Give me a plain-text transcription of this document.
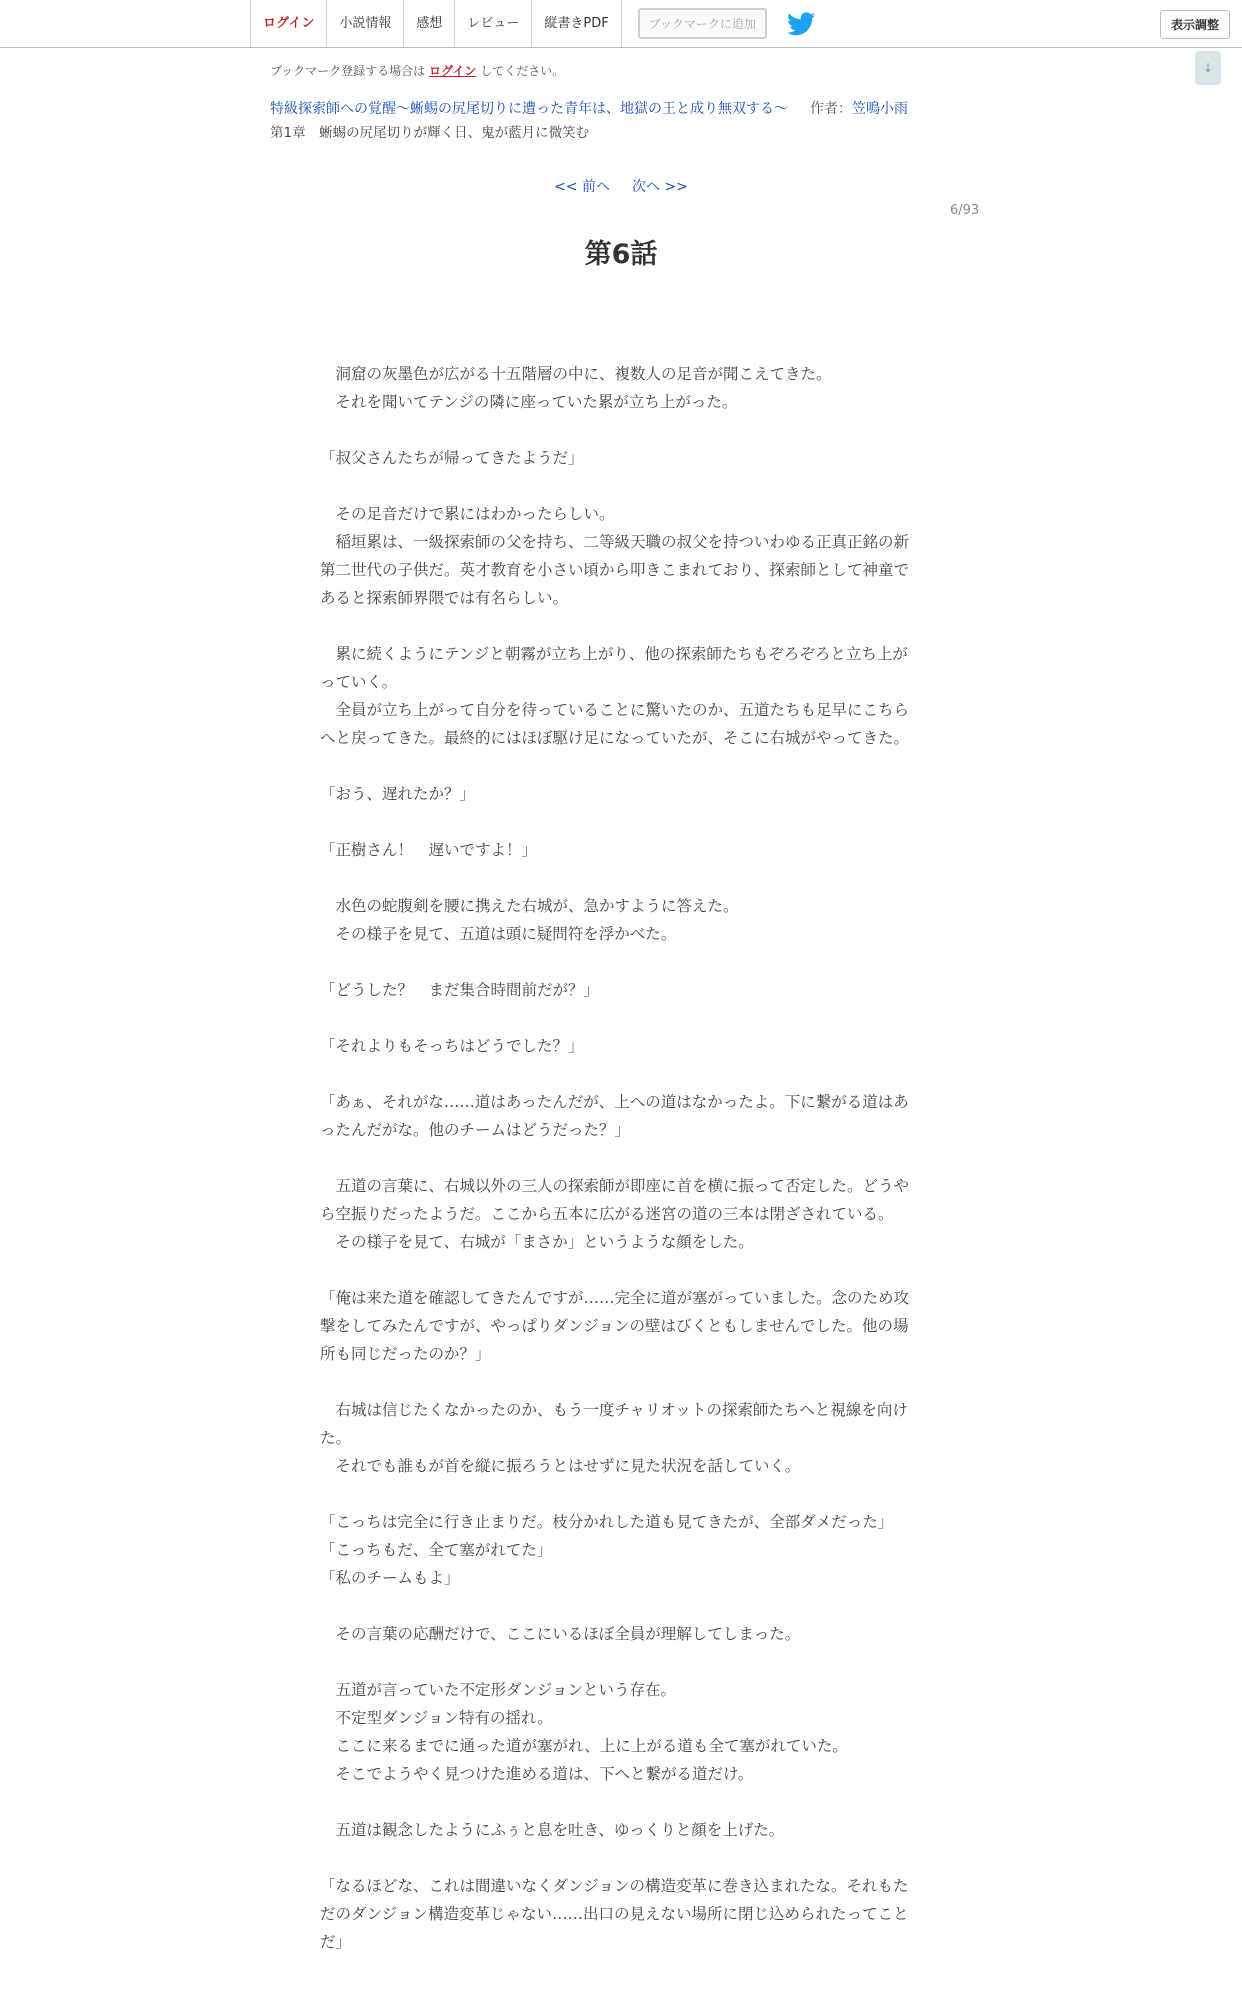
ログイン	小説情報	感想	レビュー	縦書きPDF	ブックマークに追加	表示調整
↓
ブックマーク登録する場合は ログイン してください。
特級探索師への覚醒～蜥蜴の尻尾切りに遭った青年は、地獄の王と成り無双する～ 作者：笠鳴小雨
第1章　蜥蜴の尻尾切りが輝く日、鬼が藍月に微笑む
<< 前へ 次へ >>
6/93
第6話

　洞窟の灰墨色が広がる十五階層の中に、複数人の足音が聞こえてきた。

　それを聞いてテンジの隣に座っていた累が立ち上がった。

「叔父さんたちが帰ってきたようだ」

　その足音だけで累にはわかったらしい。

　稲垣累は、一級探索師の父を持ち、二等級天職の叔父を持ついわゆる正真正銘の新第二世代の子供だ。英才教育を小さい頃から叩きこまれており、探索師として神童であると探索師界隈では有名らしい。

　累に続くようにテンジと朝霧が立ち上がり、他の探索師たちもぞろぞろと立ち上がっていく。

　全員が立ち上がって自分を待っていることに驚いたのか、五道たちも足早にこちらへと戻ってきた。最終的にはほぼ駆け足になっていたが、そこに右城がやってきた。

「おう、遅れたか？」

「正樹さん！　遅いですよ！」

　水色の蛇腹剣を腰に携えた右城が、急かすように答えた。

　その様子を見て、五道は頭に疑問符を浮かべた。

「どうした？　まだ集合時間前だが？」

「それよりもそっちはどうでした？」

「あぁ、それがな……道はあったんだが、上への道はなかったよ。下に繋がる道はあったんだがな。他のチームはどうだった？」

　五道の言葉に、右城以外の三人の探索師が即座に首を横に振って否定した。どうやら空振りだったようだ。ここから五本に広がる迷宮の道の三本は閉ざされている。

　その様子を見て、右城が「まさか」というような顔をした。

「俺は来た道を確認してきたんですが……完全に道が塞がっていました。念のため攻撃をしてみたんですが、やっぱりダンジョンの壁はびくともしませんでした。他の場所も同じだったのか？」

　右城は信じたくなかったのか、もう一度チャリオットの探索師たちへと視線を向けた。

　それでも誰もが首を縦に振ろうとはせずに見た状況を話していく。

「こっちは完全に行き止まりだ。枝分かれした道も見てきたが、全部ダメだった」

「こっちもだ、全て塞がれてた」

「私のチームもよ」

　その言葉の応酬だけで、ここにいるほぼ全員が理解してしまった。

　五道が言っていた不定形ダンジョンという存在。

　不定型ダンジョン特有の揺れ。

　ここに来るまでに通った道が塞がれ、上に上がる道も全て塞がれていた。

　そこでようやく見つけた進める道は、下へと繋がる道だけ。

　五道は観念したようにふぅと息を吐き、ゆっくりと顔を上げた。

「なるほどな、これは間違いなくダンジョンの構造変革に巻き込まれたな。それもただのダンジョン構造変革じゃない……出口の見えない場所に閉じ込められたってことだ」
